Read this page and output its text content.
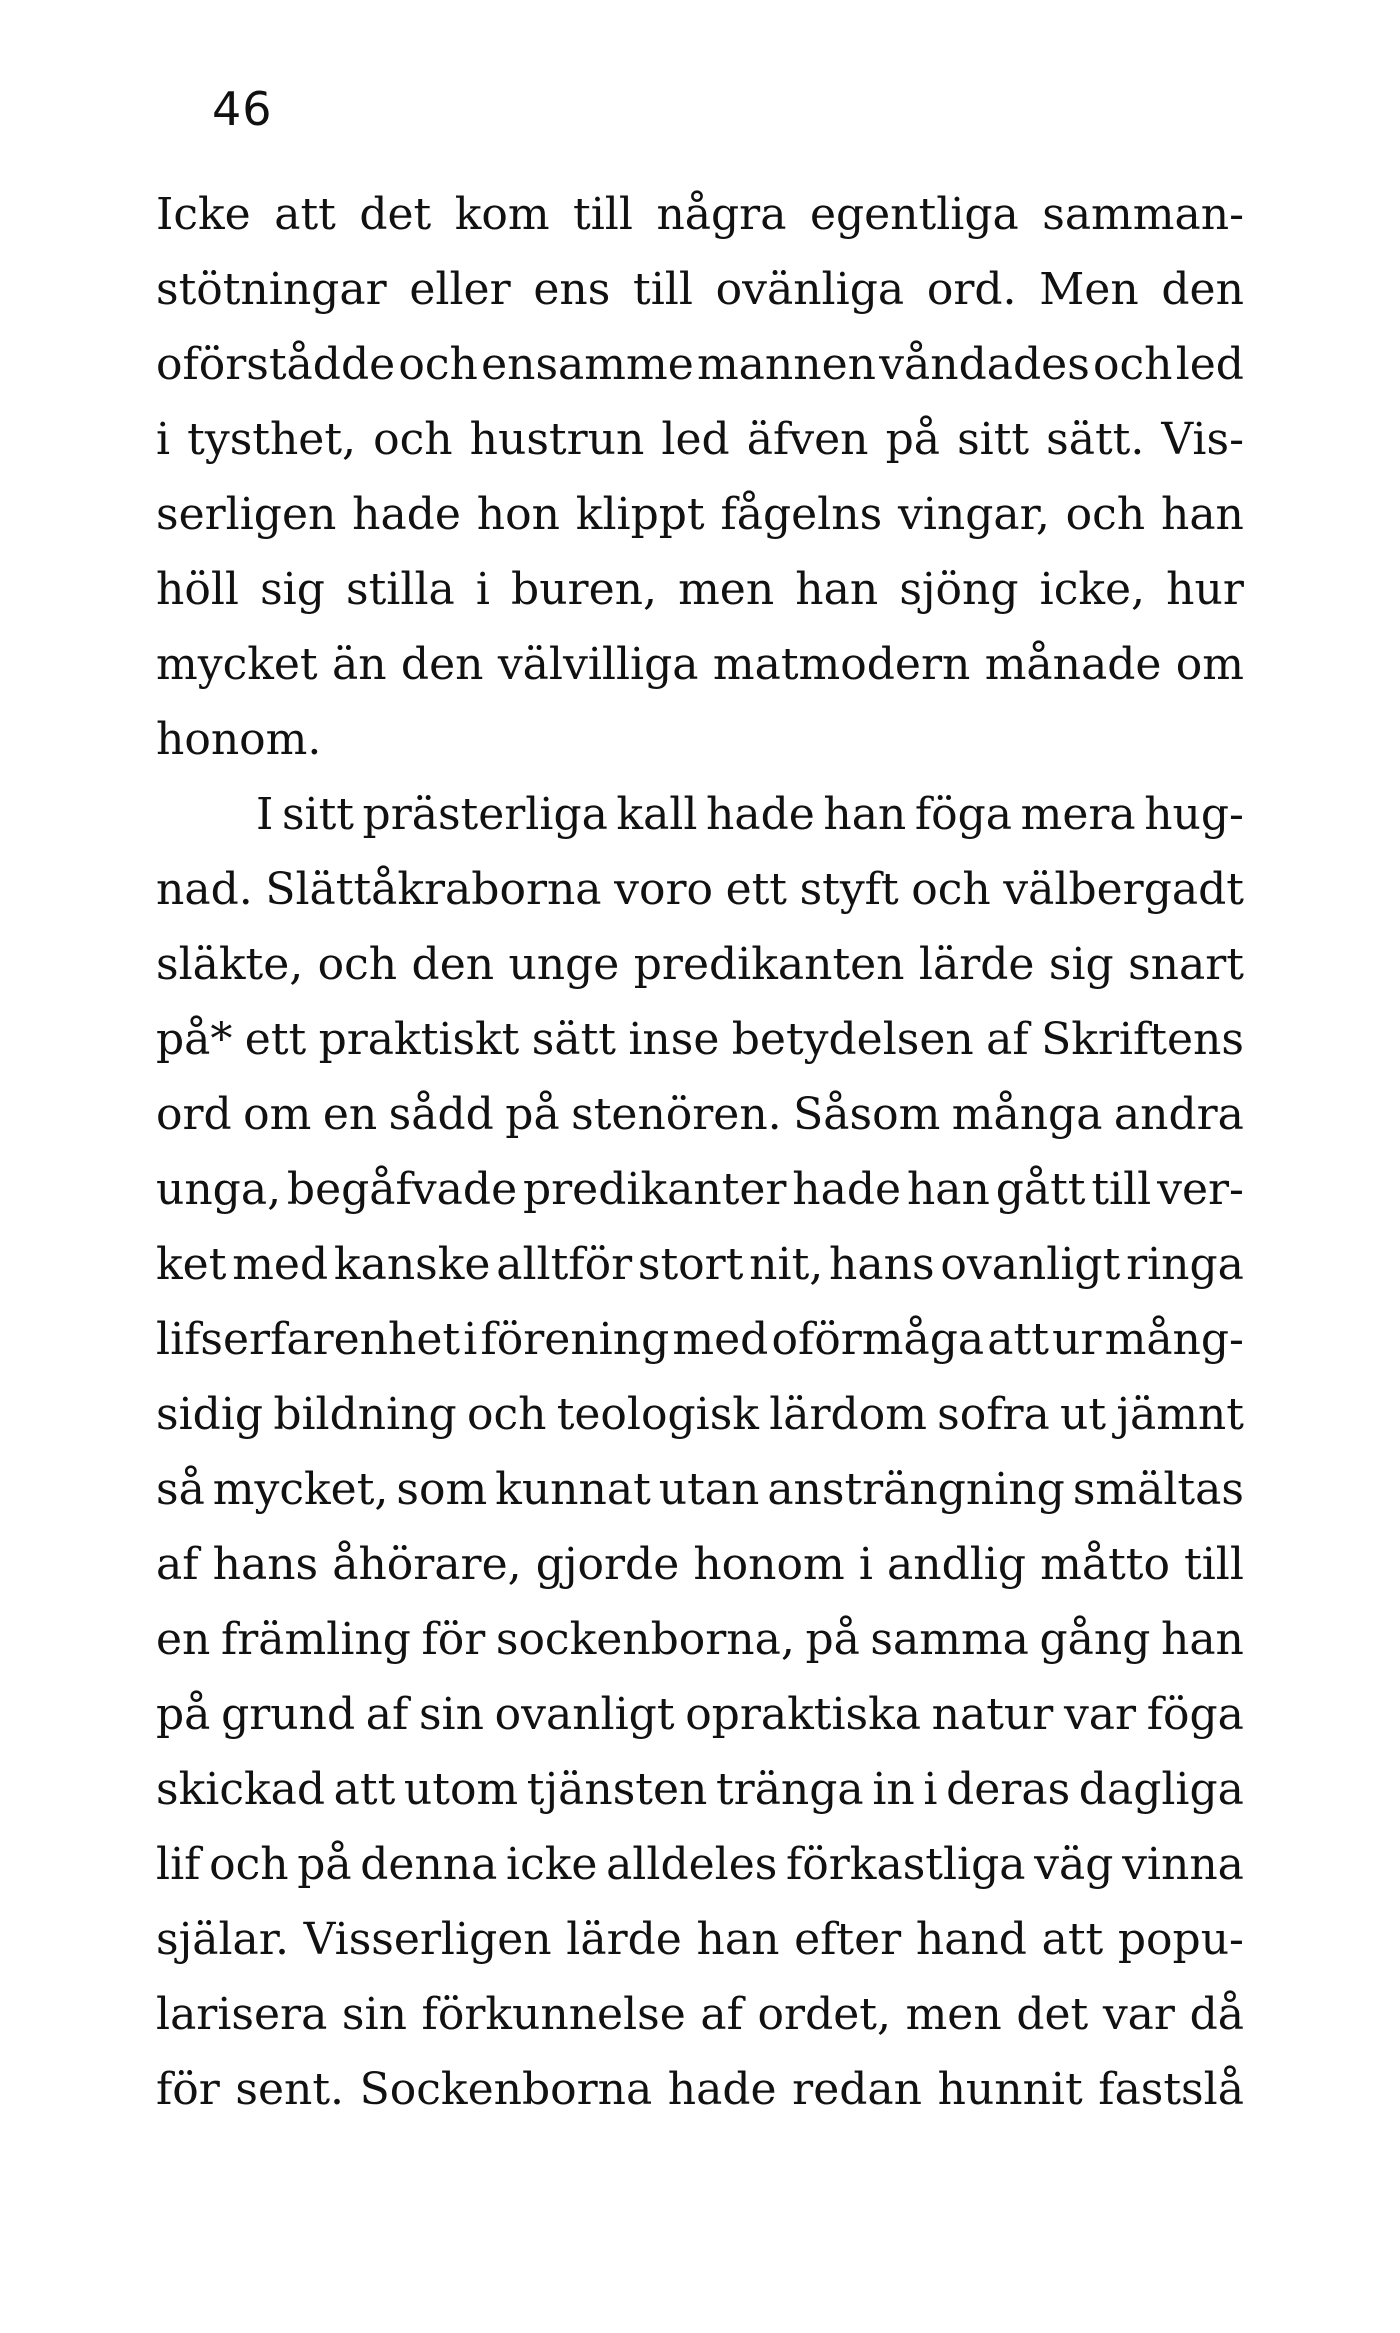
46
Icke att det kom till några egentliga samman-
stötningar eller ens till ovänliga ord. Men den
oförstådde och ensamme mannen våndades och led
i tysthet, och hustrun led äfven på sitt sätt. Vis-
serligen hade hon klippt fågelns vingar, och han
höll sig stilla i buren, men han sjöng icke, hur
mycket än den välvilliga matmodern månade om
honom.
I sitt prästerliga kall hade han föga mera hug-
nad. Slättåkraborna voro ett styft och välbergadt
släkte, och den unge predikanten lärde sig snart
på* ett praktiskt sätt inse betydelsen af Skriftens
ord om en sådd på stenören. Såsom många andra
unga, begåfvade predikanter hade han gått till ver-
ket med kanske alltför stort nit, hans ovanligt ringa
lifserfarenhet i förening med oförmåga att ur mång-
sidig bildning och teologisk lärdom sofra ut jämnt
så mycket, som kunnat utan ansträngning smältas
af hans åhörare, gjorde honom i andlig måtto till
en främling för sockenborna, på samma gång han
på grund af sin ovanligt opraktiska natur var föga
skickad att utom tjänsten tränga in i deras dagliga
lif och på denna icke alldeles förkastliga väg vinna
själar. Visserligen lärde han efter hand att popu-
larisera sin förkunnelse af ordet, men det var då
för sent. Sockenborna hade redan hunnit fastslå
